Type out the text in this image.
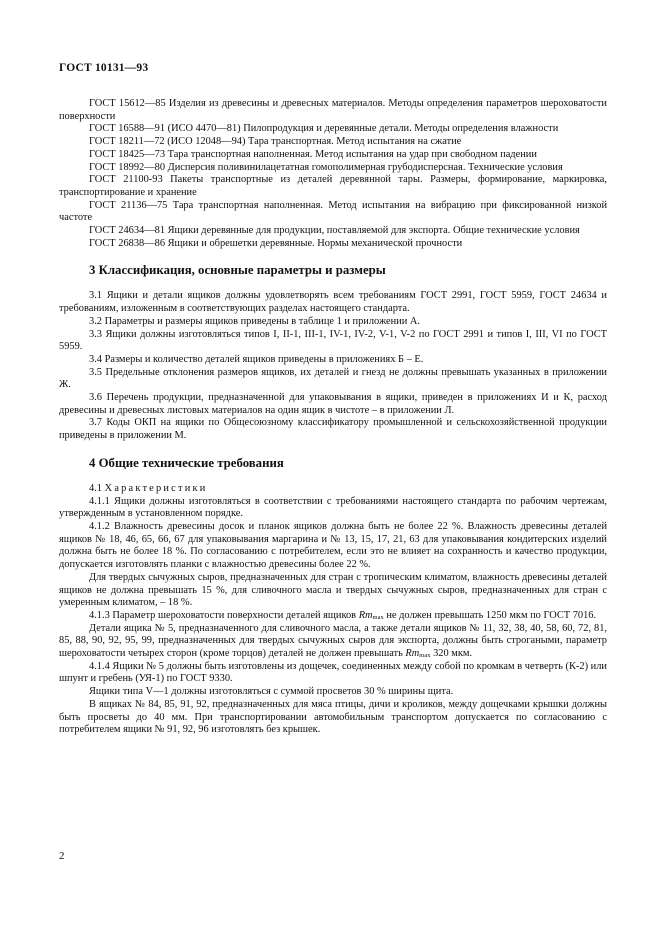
ГОСТ 10131—93

ГОСТ 15612—85 Изделия из древесины и древесных материалов. Методы определения параметров шероховатости поверхности

ГОСТ 16588—91 (ИСО 4470—81) Пилопродукция и деревянные детали. Методы определения влажности

ГОСТ 18211—72 (ИСО 12048—94) Тара транспортная. Метод испытания на сжатие

ГОСТ 18425—73 Тара транспортная наполненная. Метод испытания на удар при свободном падении

ГОСТ 18992—80 Дисперсия поливинилацетатная гомополимерная грубодисперсная. Технические условия

ГОСТ 21100-93 Пакеты транспортные из деталей деревянной тары. Размеры, формирование, маркировка, транспортирование и хранение

ГОСТ 21136—75 Тара транспортная наполненная. Метод испытания на вибрацию при фиксированной низкой частоте

ГОСТ 24634—81 Ящики деревянные для продукции, поставляемой для экспорта. Общие технические условия

ГОСТ 26838—86 Ящики и обрешетки деревянные. Нормы механической прочности

3 Классификация, основные параметры и размеры

3.1 Ящики и детали ящиков должны удовлетворять всем требованиям ГОСТ 2991, ГОСТ 5959, ГОСТ 24634 и требованиям, изложенным в соответствующих разделах настоящего стандарта.

3.2 Параметры и размеры ящиков приведены в таблице 1 и приложении А.

3.3 Ящики должны изготовляться типов I, II-1, III-1, IV-1, IV-2, V-1, V-2 по ГОСТ 2991 и типов I, III, VI по ГОСТ 5959.

3.4 Размеры и количество деталей ящиков приведены в приложениях Б – Е.

3.5 Предельные отклонения размеров ящиков, их деталей и гнезд не должны превышать указанных в приложении Ж.

3.6 Перечень продукции, предназначенной для упаковывания в ящики, приведен в приложениях И и К, расход древесины и древесных листовых материалов на один ящик в чистоте – в приложении Л.

3.7 Коды ОКП на ящики по Общесоюзному классификатору промышленной и сельскохозяйственной продукции приведены в приложении М.

4 Общие технические требования

4.1 Характеристики

4.1.1 Ящики должны изготовляться в соответствии с требованиями настоящего стандарта по рабочим чертежам, утвержденным в установленном порядке.

4.1.2 Влажность древесины досок и планок ящиков должна быть не более 22 %. Влажность древесины деталей ящиков № 18, 46, 65, 66, 67 для упаковывания маргарина и № 13, 15, 17, 21, 63 для упаковывания кондитерских изделий должна быть не более 18 %. По согласованию с потребителем, если это не влияет на сохранность и качество продукции, допускается изготовлять планки с влажностью древесины более 22 %.

Для твердых сычужных сыров, предназначенных для стран с тропическим климатом, влажность древесины деталей ящиков не должна превышать 15 %, для сливочного масла и твердых сычужных сыров, предназначенных для стран с умеренным климатом, – 18 %.

4.1.3 Параметр шероховатости поверхности деталей ящиков $Rm_{max}$ не должен превышать 1250 мкм по ГОСТ 7016.

Детали ящика № 5, предназначенного для сливочного масла, а также детали ящиков № 11, 32, 38, 40, 58, 60, 72, 81, 85, 88, 90, 92, 95, 99, предназначенных для твердых сычужных сыров для экспорта, должны быть строгаными, параметр шероховатости четырех сторон (кроме торцов) деталей не должен превышать $Rm_{max}$ 320 мкм.

4.1.4 Ящики № 5 должны быть изготовлены из дощечек, соединенных между собой по кромкам в четверть (К-2) или шпунт и гребень (УЯ-1) по ГОСТ 9330.

Ящики типа V—1 должны изготовляться с суммой просветов 30 % ширины щита.

В ящиках № 84, 85, 91, 92, предназначенных для мяса птицы, дичи и кроликов, между дощечками крышки должны быть просветы до 40 мм. При транспортировании автомобильным транспортом допускается по согласованию с потребителем ящики № 91, 92, 96 изготовлять без крышек.

2
